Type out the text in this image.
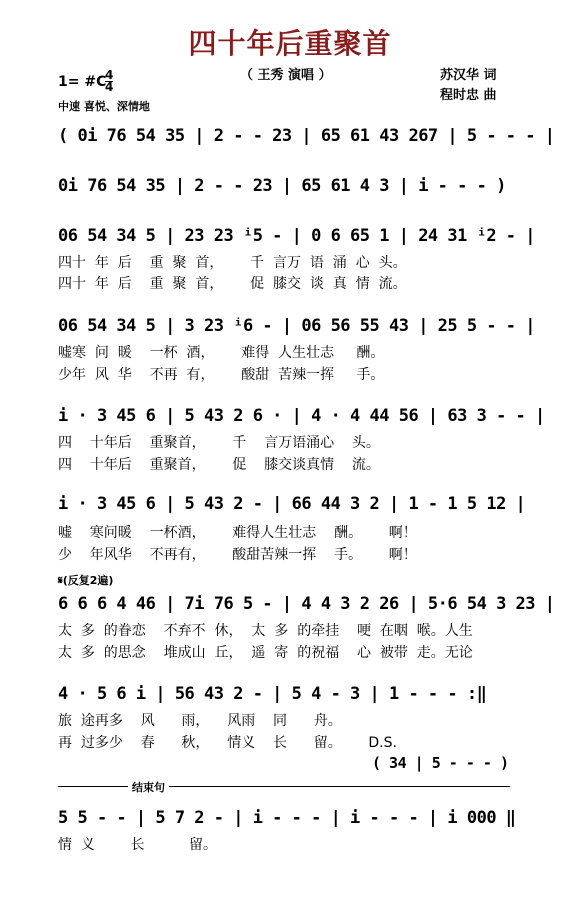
四十年后重聚首
（ 王秀 演唱 ）	苏汉华 词
程时忠 曲
1= #C
4
4
中速 喜悦、深情地
( 0i 76 54 35 | 2 - - 23 | 65 61 43 267 | 5 - - - |
0i 76 54 35 | 2 - - 23 | 65 61 4 3 | i - - - )
06 54 34 5 | 23 23 ⁱ5 - | 0 6 65 1 | 24 31 ⁱ2 - |
四十  年  后    重  聚  首，      千  言万  语  涌  心  头。
四十  年  后    重  聚  首，      促  膝交  谈  真  情  流。
06 54 34 5 | 3 23 ⁱ6 - | 06 56 55 43 | 25 5 - - |
嘘寒  问  暖    一杯  酒，      难得  人生壮志     酬。
少年  风  华    不再  有，      酸甜  苦辣一挥     手。
i · 3 45 6 | 5 43 2 6 · | 4 · 4 44 56 | 63 3 - - |
四    十年后    重聚首，      千    言万语涌心    头。
四    十年后    重聚首，      促    膝交谈真情    流。
i · 3 45 6 | 5 43 2 - | 66 44 3 2 | 1 - 1 5 12 |
嘘    寒问暖    一杯酒，      难得人生壮志    酬。      啊！
少    年风华    不再有，      酸甜苦辣一挥    手。      啊！
𝄋(反复2遍)
6 6 6 4 46 | 7i 76 5 - | 4 4 3 2 26 | 5·6 54 3 23 |
太  多  的眷恋    不弃不  休，  太  多  的牵挂    哽  在咽  喉。人生
太  多  的思念    堆成山  丘，  遥  寄  的祝福    心  被带  走。无论
4 · 5 6 i | 56 43 2 - | 5 4 - 3 | 1 - - - :‖
旅  途再多    风      雨，    风雨    同      舟。
再  过多少    春      秋，    情义    长      留。      D.S.
( 34 | 5 - - - )
结束句
5 5 - - | 5 7 2 - | i - - - | i - - - | i 000 ‖
情  义        长          留。
